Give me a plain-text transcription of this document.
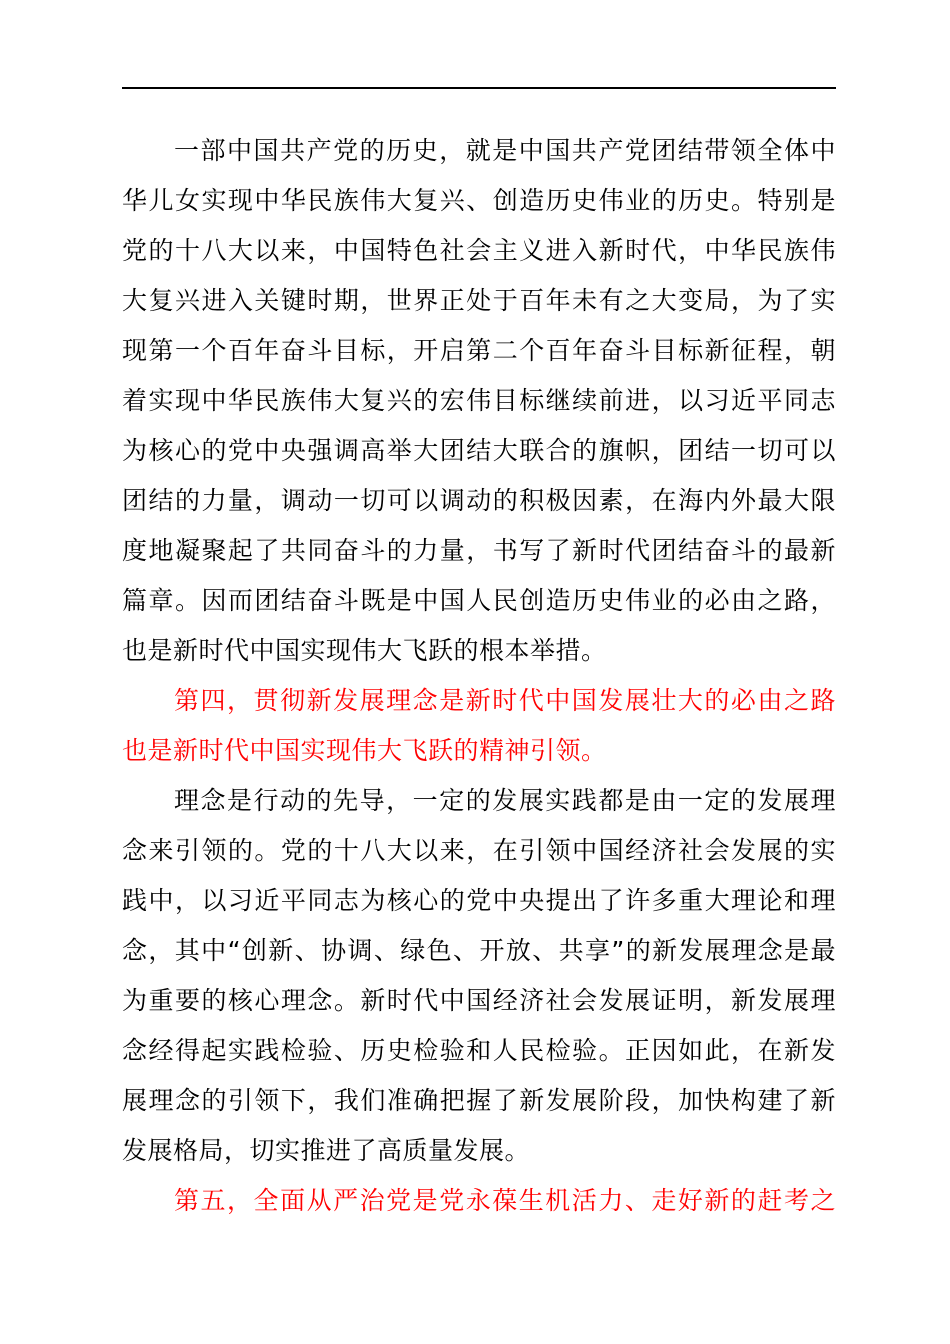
一部中国共产党的历史，就是中国共产党团结带领全体中
华儿女实现中华民族伟大复兴、创造历史伟业的历史。特别是
党的十八大以来，中国特色社会主义进入新时代，中华民族伟
大复兴进入关键时期，世界正处于百年未有之大变局，为了实
现第一个百年奋斗目标，开启第二个百年奋斗目标新征程，朝
着实现中华民族伟大复兴的宏伟目标继续前进，以习近平同志
为核心的党中央强调高举大团结大联合的旗帜，团结一切可以
团结的力量，调动一切可以调动的积极因素，在海内外最大限
度地凝聚起了共同奋斗的力量，书写了新时代团结奋斗的最新
篇章。因而团结奋斗既是中国人民创造历史伟业的必由之路，
也是新时代中国实现伟大飞跃的根本举措。
第四，贯彻新发展理念是新时代中国发展壮大的必由之路
也是新时代中国实现伟大飞跃的精神引领。
理念是行动的先导，一定的发展实践都是由一定的发展理
念来引领的。党的十八大以来，在引领中国经济社会发展的实
践中，以习近平同志为核心的党中央提出了许多重大理论和理
念，其中“创新、协调、绿色、开放、共享”的新发展理念是最
为重要的核心理念。新时代中国经济社会发展证明，新发展理
念经得起实践检验、历史检验和人民检验。正因如此，在新发
展理念的引领下，我们准确把握了新发展阶段，加快构建了新
发展格局，切实推进了高质量发展。
第五，全面从严治党是党永葆生机活力、走好新的赶考之
